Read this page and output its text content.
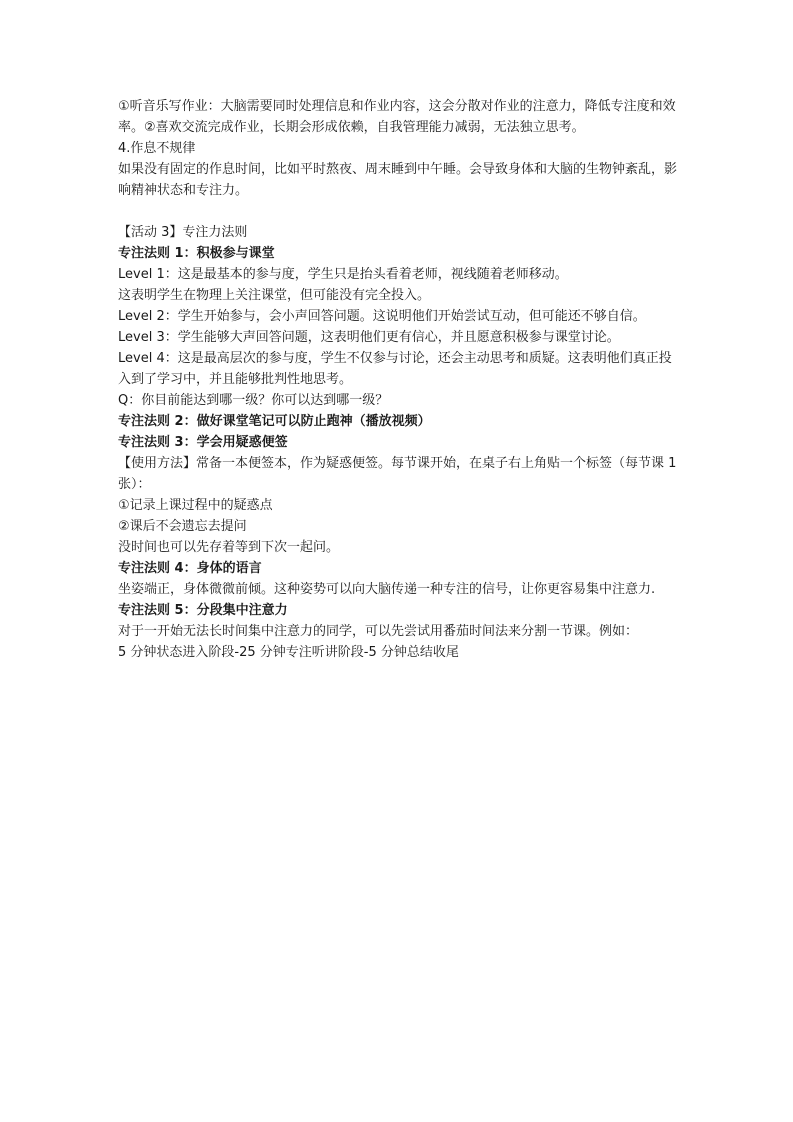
①听音乐写作业：大脑需要同时处理信息和作业内容，这会分散对作业的注意力，降低专注度和效率。②喜欢交流完成作业，长期会形成依赖，自我管理能力减弱，无法独立思考。

4.作息不规律

如果没有固定的作息时间，比如平时熬夜、周末睡到中午睡。会导致身体和大脑的生物钟紊乱，影响精神状态和专注力。

【活动 3】专注力法则

专注法则 1：积极参与课堂

Level 1：这是最基本的参与度，学生只是抬头看着老师，视线随着老师移动。

这表明学生在物理上关注课堂，但可能没有完全投入。

Level 2：学生开始参与，会小声回答问题。这说明他们开始尝试互动，但可能还不够自信。

Level 3：学生能够大声回答问题，这表明他们更有信心，并且愿意积极参与课堂讨论。

Level 4：这是最高层次的参与度，学生不仅参与讨论，还会主动思考和质疑。这表明他们真正投入到了学习中，并且能够批判性地思考。

Q：你目前能达到哪一级？你可以达到哪一级？

专注法则 2：做好课堂笔记可以防止跑神（播放视频）

专注法则 3：学会用疑惑便签

【使用方法】常备一本便签本，作为疑惑便签。每节课开始，在桌子右上角贴一个标签（每节课 1 张）：

①记录上课过程中的疑惑点

②课后不会遗忘去提问

没时间也可以先存着等到下次一起问。

专注法则 4：身体的语言

坐姿端正，身体微微前倾。这种姿势可以向大脑传递一种专注的信号，让你更容易集中注意力.

专注法则 5：分段集中注意力

对于一开始无法长时间集中注意力的同学，可以先尝试用番茄时间法来分割一节课。例如：

5 分钟状态进入阶段-25 分钟专注听讲阶段-5 分钟总结收尾
